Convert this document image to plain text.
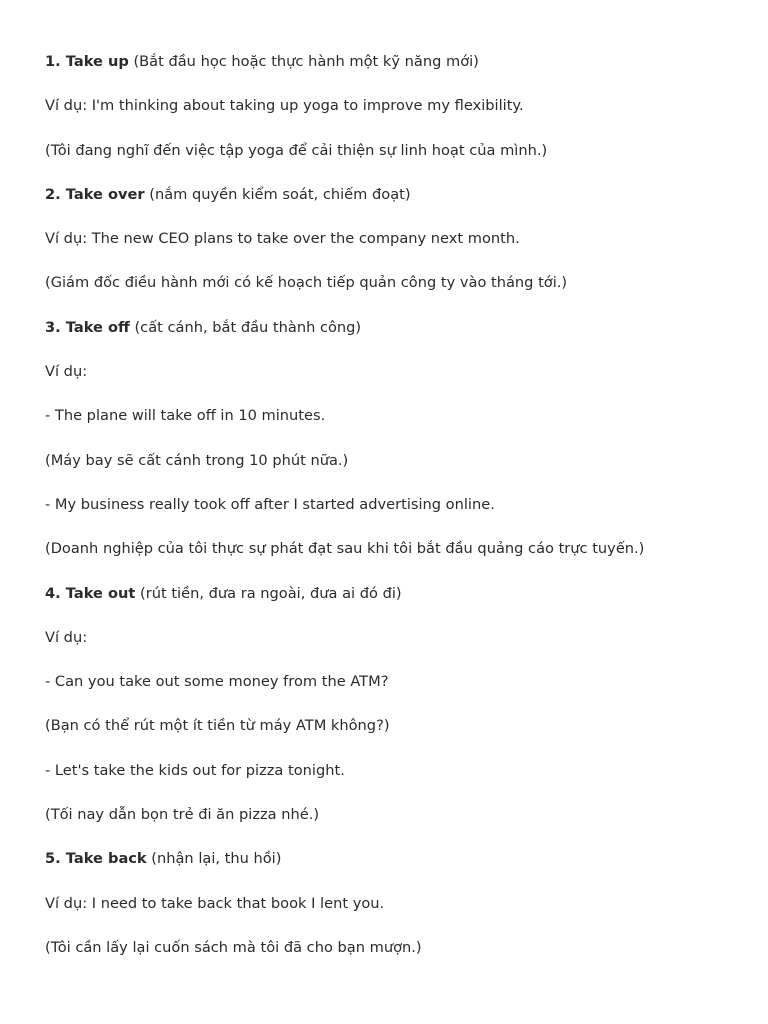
1. Take up (Bắt đầu học hoặc thực hành một kỹ năng mới)
Ví dụ: I'm thinking about taking up yoga to improve my flexibility.
(Tôi đang nghĩ đến việc tập yoga để cải thiện sự linh hoạt của mình.)
2. Take over (nắm quyền kiểm soát, chiếm đoạt)
Ví dụ: The new CEO plans to take over the company next month.
(Giám đốc điều hành mới có kế hoạch tiếp quản công ty vào tháng tới.)
3. Take off (cất cánh, bắt đầu thành công)
Ví dụ:
- The plane will take off in 10 minutes.
(Máy bay sẽ cất cánh trong 10 phút nữa.)
- My business really took off after I started advertising online.
(Doanh nghiệp của tôi thực sự phát đạt sau khi tôi bắt đầu quảng cáo trực tuyến.)
4. Take out (rút tiền, đưa ra ngoài, đưa ai đó đi)
Ví dụ:
- Can you take out some money from the ATM?
(Bạn có thể rút một ít tiền từ máy ATM không?)
- Let's take the kids out for pizza tonight.
(Tối nay dẫn bọn trẻ đi ăn pizza nhé.)
5. Take back (nhận lại, thu hồi)
Ví dụ: I need to take back that book I lent you.
(Tôi cần lấy lại cuốn sách mà tôi đã cho bạn mượn.)
